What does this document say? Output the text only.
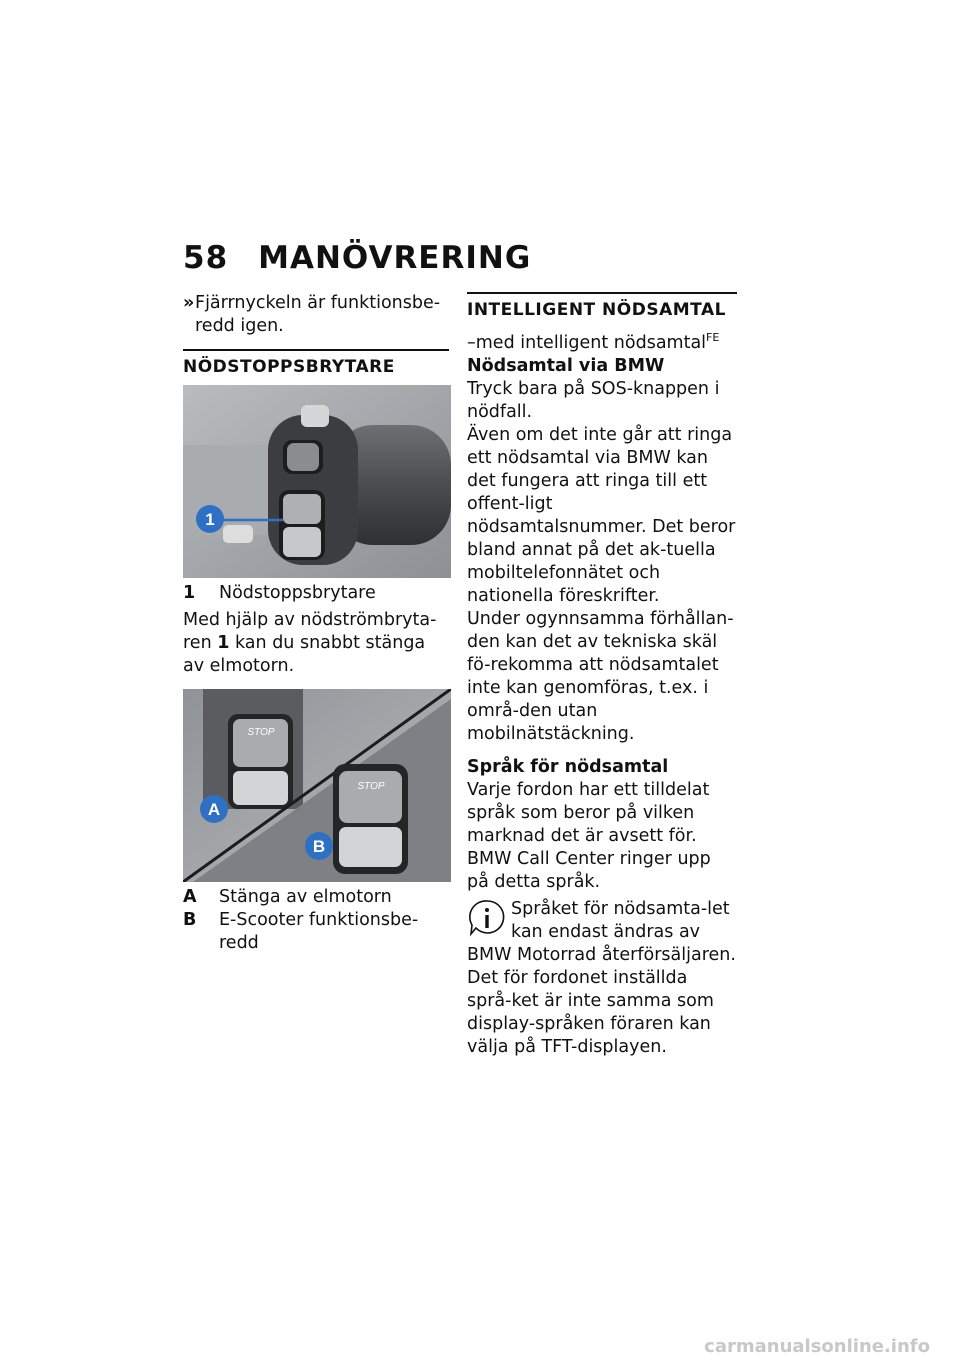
58 MANÖVRERING
» Fjärrnyckeln är funktionsbe-redd igen.
NÖDSTOPPSBRYTARE
1
1	Nödstoppsbrytare

Med hjälp av nödströmbryta-ren 1 kan du snabbt stänga av elmotorn.

STOP
STOP
A
B
A	Stänga av elmotorn
B	E-Scooter funktionsbe-redd
INTELLIGENT NÖDSAMTAL

–med intelligent nödsamtal$^{FE}$

Nödsamtal via BMW

Tryck bara på SOS-knappen i nödfall.

Även om det inte går att ringa ett nödsamtal via BMW kan det fungera att ringa till ett offent-ligt nödsamtalsnummer. Det beror bland annat på det ak-tuella mobiltelefonnätet och nationella föreskrifter.

Under ogynnsamma förhållan-den kan det av tekniska skäl fö-rekomma att nödsamtalet inte kan genomföras, t.ex. i områ-den utan mobilnätstäckning.

Språk för nödsamtal

Varje fordon har ett tilldelat språk som beror på vilken marknad det är avsett för.

BMW Call Center ringer upp på detta språk.

Språket för nödsamta-let kan endast ändras av

BMW Motorrad återförsäljaren. Det för fordonet inställda språ-ket är inte samma som display-språken föraren kan välja på TFT-displayen.

carmanualsonline.info
